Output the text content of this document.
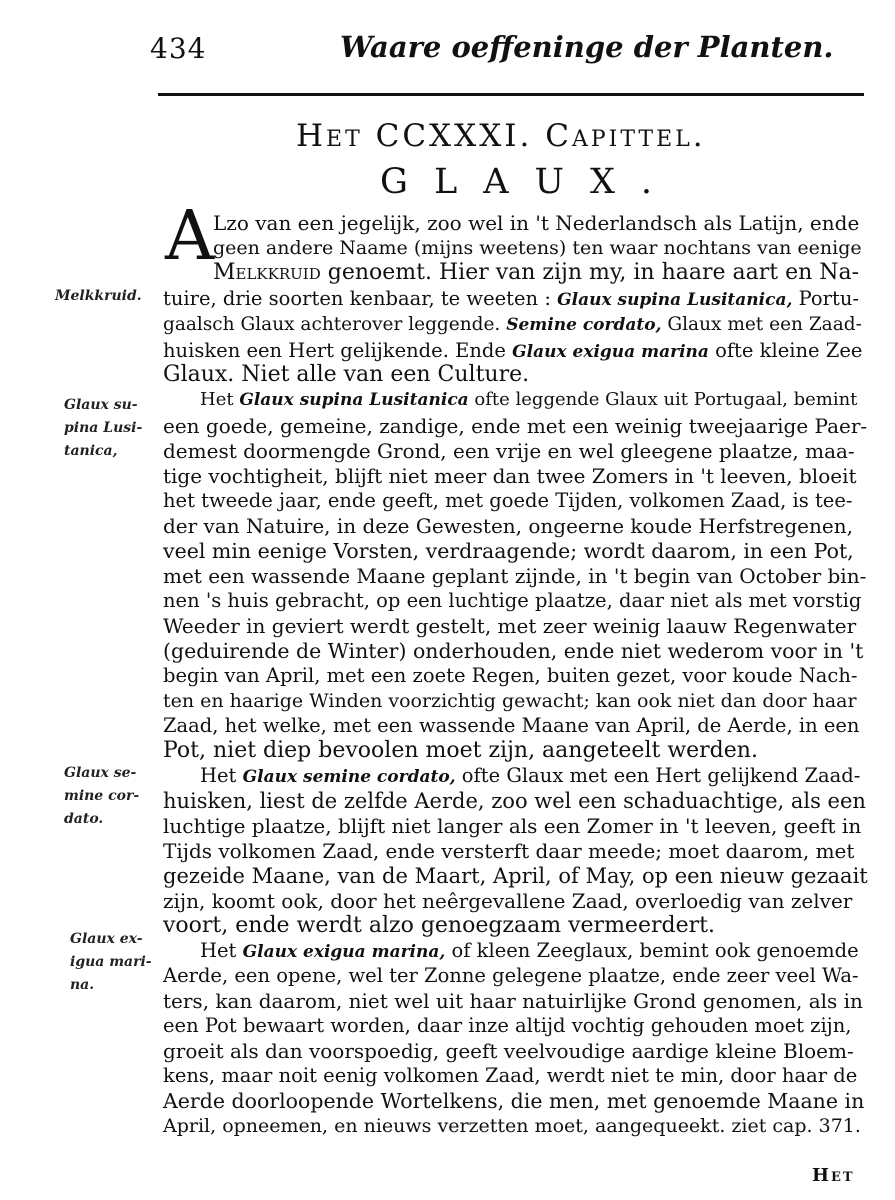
434	Waare oeffeninge der Planten.
Het CCXXXI. Capittel.
GLAUX.
A
Melkkruid.
Glaux su-
pina Lusi-
tanica,
Glaux se-
mine cor-
dato.
Glaux ex-
igua mari-
na.
Lzo van een jegelijk, zoo wel in 't Nederlandsch als Latijn, ende
geen andere Naame (mijns weetens) ten waar nochtans van eenige
Melkkruid genoemt. Hier van zijn my, in haare aart en Na-
tuire, drie soorten kenbaar, te weeten : Glaux supina Lusitanica, Portu-
gaalsch Glaux achterover leggende. Semine cordato, Glaux met een Zaad-
huisken een Hert gelijkende. Ende Glaux exigua marina ofte kleine Zee
Glaux. Niet alle van een Culture.
Het Glaux supina Lusitanica ofte leggende Glaux uit Portugaal, bemint
een goede, gemeine, zandige, ende met een weinig tweejaarige Paer-
demest doormengde Grond, een vrije en wel gleegene plaatze, maa-
tige vochtigheit, blijft niet meer dan twee Zomers in 't leeven, bloeit
het tweede jaar, ende geeft, met goede Tijden, volkomen Zaad, is tee-
der van Natuire, in deze Gewesten, ongeerne koude Herfstregenen,
veel min eenige Vorsten, verdraagende; wordt daarom, in een Pot,
met een wassende Maane geplant zijnde, in 't begin van October bin-
nen 's huis gebracht, op een luchtige plaatze, daar niet als met vorstig
Weeder in geviert werdt gestelt, met zeer weinig laauw Regenwater
(geduirende de Winter) onderhouden, ende niet wederom voor in 't
begin van April, met een zoete Regen, buiten gezet, voor koude Nach-
ten en haarige Winden voorzichtig gewacht; kan ook niet dan door haar
Zaad, het welke, met een wassende Maane van April, de Aerde, in een
Pot, niet diep bevoolen moet zijn, aangeteelt werden.
Het Glaux semine cordato, ofte Glaux met een Hert gelijkend Zaad-
huisken, liest de zelfde Aerde, zoo wel een schaduachtige, als een
luchtige plaatze, blijft niet langer als een Zomer in 't leeven, geeft in
Tijds volkomen Zaad, ende versterft daar meede; moet daarom, met
gezeide Maane, van de Maart, April, of May, op een nieuw gezaait
zijn, koomt ook, door het neêrgevallene Zaad, overloedig van zelver
voort, ende werdt alzo genoegzaam vermeerdert.
Het Glaux exigua marina, of kleen Zeeglaux, bemint ook genoemde
Aerde, een opene, wel ter Zonne gelegene plaatze, ende zeer veel Wa-
ters, kan daarom, niet wel uit haar natuirlijke Grond genomen, als in
een Pot bewaart worden, daar inze altijd vochtig gehouden moet zijn,
groeit als dan voorspoedig, geeft veelvoudige aardige kleine Bloem-
kens, maar noit eenig volkomen Zaad, werdt niet te min, door haar de
Aerde doorloopende Wortelkens, die men, met genoemde Maane in
April, opneemen, en nieuws verzetten moet, aangequeekt. ziet cap. 371.
Het
